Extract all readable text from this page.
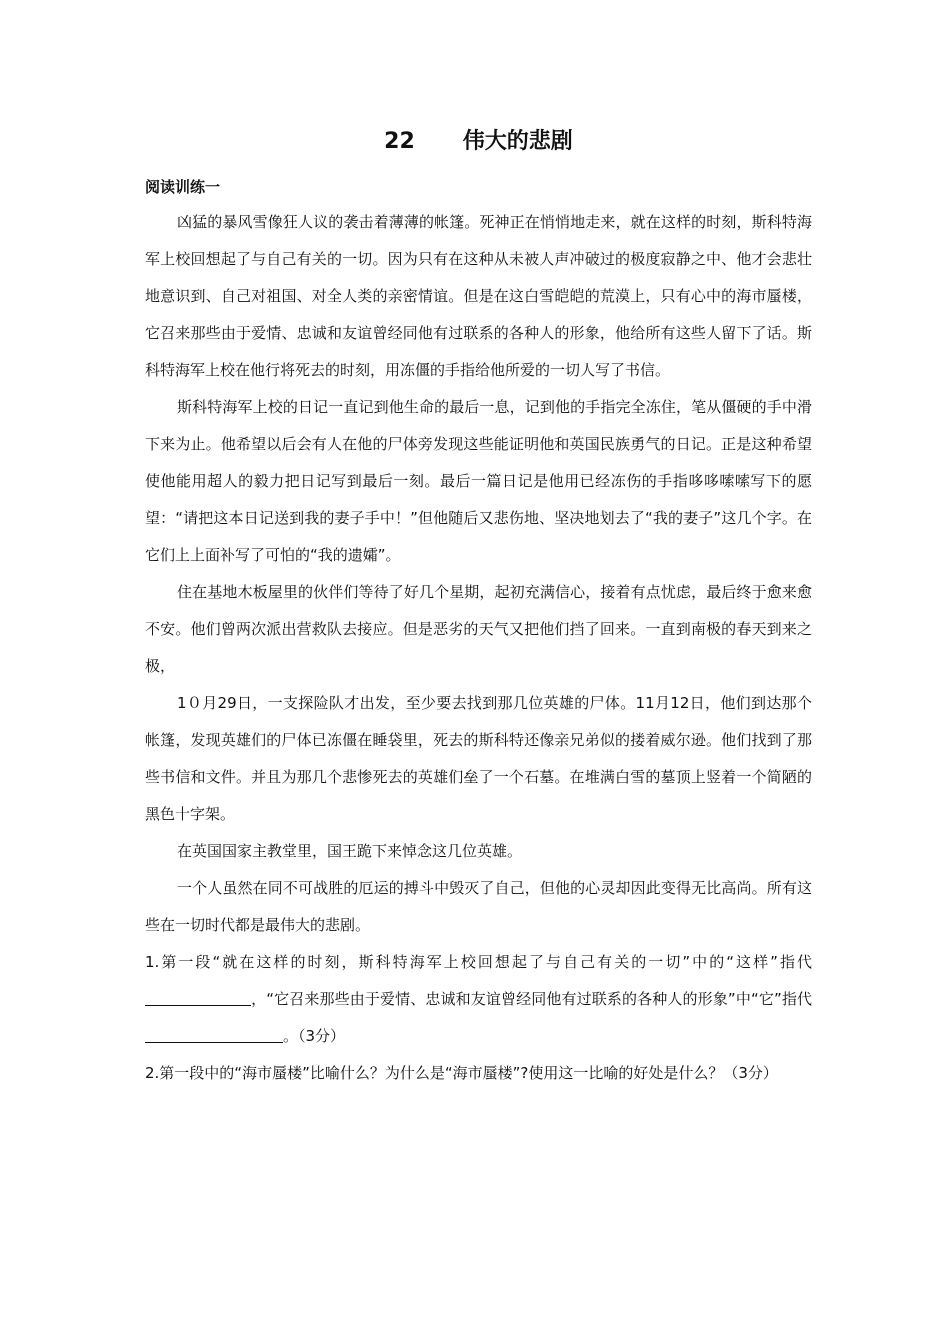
22 伟大的悲剧
阅读训练一

凶猛的暴风雪像狂人议的袭击着薄薄的帐篷。死神正在悄悄地走来，就在这样的时刻，斯科特海军上校回想起了与自己有关的一切。因为只有在这种从未被人声冲破过的极度寂静之中、他才会悲壮地意识到、自己对祖国、对全人类的亲密情谊。但是在这白雪皑皑的荒漠上，只有心中的海市蜃楼，它召来那些由于爱情、忠诚和友谊曾经同他有过联系的各种人的形象，他给所有这些人留下了话。斯科特海军上校在他行将死去的时刻，用冻僵的手指给他所爱的一切人写了书信。

斯科特海军上校的日记一直记到他生命的最后一息，记到他的手指完全冻住，笔从僵硬的手中滑下来为止。他希望以后会有人在他的尸体旁发现这些能证明他和英国民族勇气的日记。正是这种希望使他能用超人的毅力把日记写到最后一刻。最后一篇日记是他用已经冻伤的手指哆哆嗦嗦写下的愿望：“请把这本日记送到我的妻子手中！”但他随后又悲伤地、坚决地划去了“我的妻子”这几个字。在它们上上面补写了可怕的“我的遗孀”。

住在基地木板屋里的伙伴们等待了好几个星期，起初充满信心，接着有点忧虑，最后终于愈来愈不安。他们曾两次派出营救队去接应。但是恶劣的天气又把他们挡了回来。一直到南极的春天到来之极，

1０月29日，一支探险队才出发，至少要去找到那几位英雄的尸体。11月12日，他们到达那个帐篷，发现英雄们的尸体已冻僵在睡袋里，死去的斯科特还像亲兄弟似的搂着威尔逊。他们找到了那些书信和文件。并且为那几个悲惨死去的英雄们垒了一个石墓。在堆满白雪的墓顶上竖着一个简陋的黑色十字架。

在英国国家主教堂里，国王跪下来悼念这几位英雄。

一个人虽然在同不可战胜的厄运的搏斗中毁灭了自己，但他的心灵却因此变得无比高尚。所有这些在一切时代都是最伟大的悲剧。

1.第一段“就在这样的时刻，斯科特海军上校回想起了与自己有关的一切”中的“这样”指代，“它召来那些由于爱情、忠诚和友谊曾经同他有过联系的各种人的形象”中“它”指代。（3分）

2.第一段中的“海市蜃楼”比喻什么？为什么是“海市蜃楼”?使用这一比喻的好处是什么？（3分）
